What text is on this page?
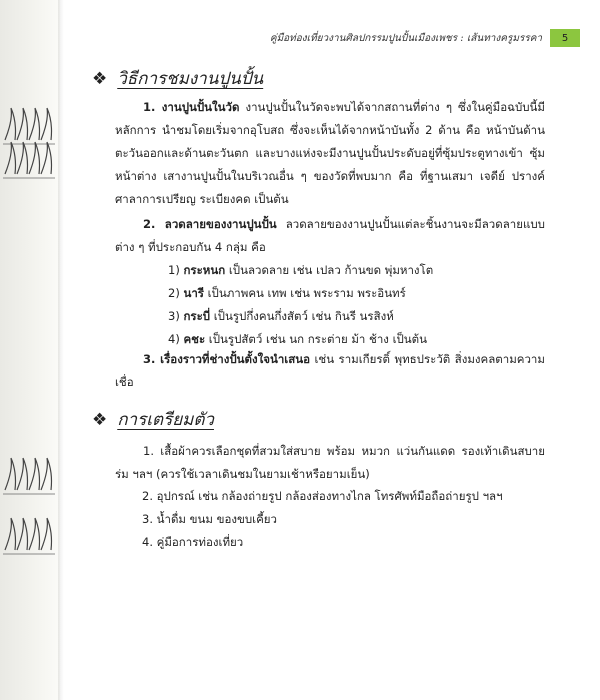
คู่มือท่องเที่ยวงานศิลปกรรมปูนปั้นเมืองเพชร : เส้นทางครูมรรคา	5
❖ วิธีการชมงานปูนปั้น
1. งานปูนปั้นในวัด งานปูนปั้นในวัดจะพบได้จากสถานที่ต่าง ๆ ซึ่งในคู่มือฉบับนี้มีหลักการ นำชมโดยเริ่มจากอุโบสถ ซึ่งจะเห็นได้จากหน้าบันทั้ง 2 ด้าน คือ หน้าบันด้านตะวันออกและด้านตะวันตก และบางแห่งจะมีงานปูนปั้นประดับอยู่ที่ซุ้มประตูทางเข้า ซุ้มหน้าต่าง เสางานปูนปั้นในบริเวณอื่น ๆ ของวัดที่พบมาก คือ ที่ฐานเสมา เจดีย์ ปรางค์ ศาลาการเปรียญ ระเบียงคด เป็นต้น
2. ลวดลายของงานปูนปั้น ลวดลายของงานปูนปั้นแต่ละชิ้นงานจะมีลวดลายแบบต่าง ๆ ที่ประกอบกัน 4 กลุ่ม คือ
1) กระหนก เป็นลวดลาย เช่น เปลว ก้านขด พุ่มหางโต
2) นารี เป็นภาพคน เทพ เช่น พระราม พระอินทร์
3) กระบี่ เป็นรูปกึ่งคนกึ่งสัตว์ เช่น กินรี นรสิงห์
4) คชะ เป็นรูปสัตว์ เช่น นก กระต่าย ม้า ช้าง เป็นต้น
3. เรื่องราวที่ช่างปั้นตั้งใจนำเสนอ เช่น รามเกียรติ์ พุทธประวัติ สิ่งมงคลตามความเชื่อ
❖ การเตรียมตัว
1. เสื้อผ้าควรเลือกชุดที่สวมใส่สบาย พร้อม หมวก แว่นกันแดด รองเท้าเดินสบาย ร่ม ฯลฯ (ควรใช้เวลาเดินชมในยามเช้าหรือยามเย็น)
2. อุปกรณ์ เช่น กล้องถ่ายรูป กล้องส่องทางไกล โทรศัพท์มือถือถ่ายรูป ฯลฯ
3. น้ำดื่ม ขนม ของขบเคี้ยว
4. คู่มือการท่องเที่ยว
